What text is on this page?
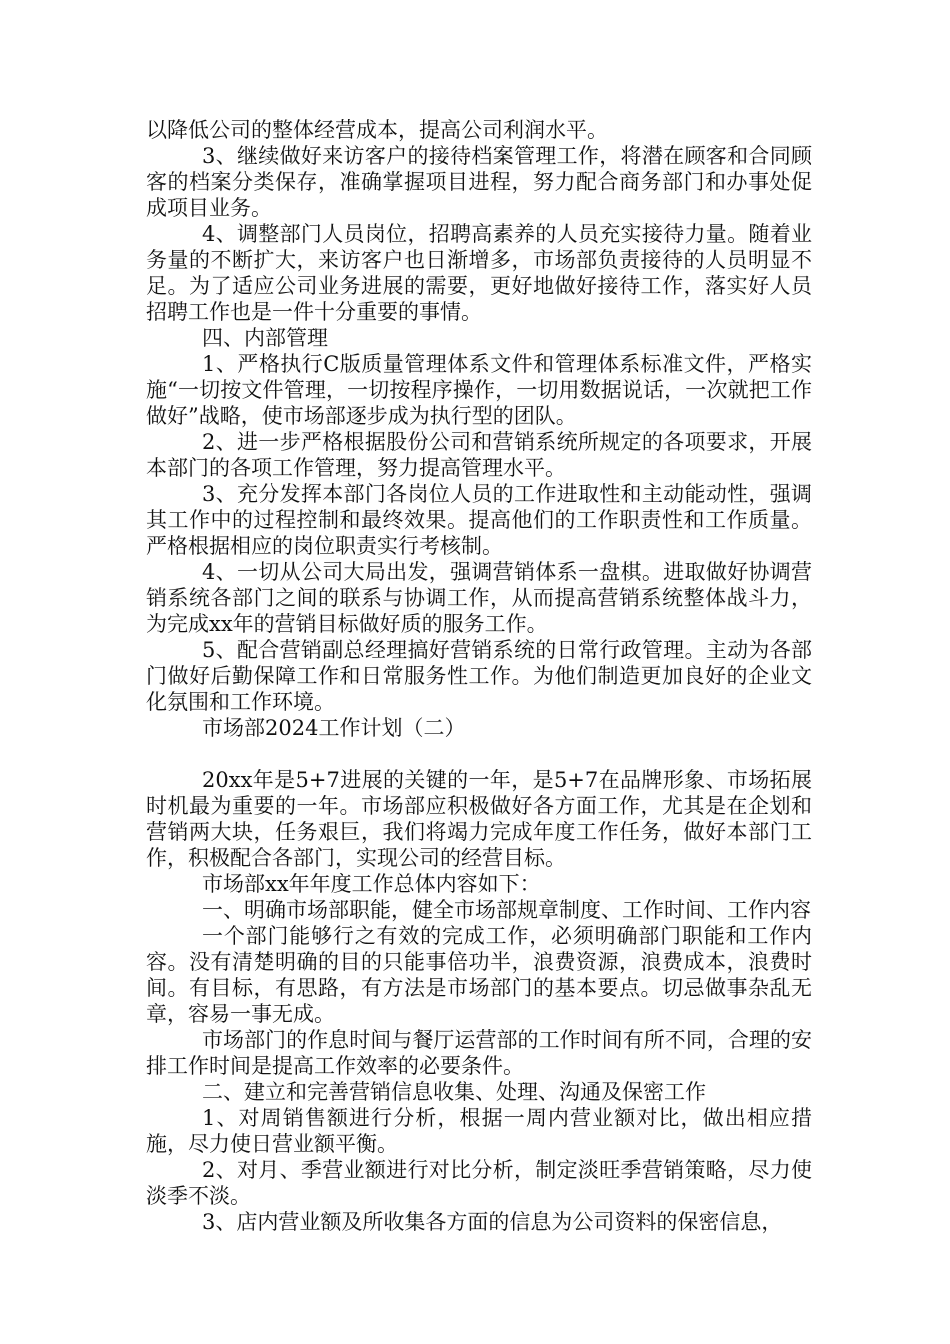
以降低公司的整体经营成本，提高公司利润水平。

3、继续做好来访客户的接待档案管理工作，将潜在顾客和合同顾客的档案分类保存，准确掌握项目进程，努力配合商务部门和办事处促成项目业务。

4、调整部门人员岗位，招聘高素养的人员充实接待力量。随着业务量的不断扩大，来访客户也日渐增多，市场部负责接待的人员明显不足。为了适应公司业务进展的需要，更好地做好接待工作，落实好人员招聘工作也是一件十分重要的事情。

四、内部管理

1、严格执行C版质量管理体系文件和管理体系标准文件，严格实施“一切按文件管理，一切按程序操作，一切用数据说话，一次就把工作做好”战略，使市场部逐步成为执行型的团队。

2、进一步严格根据股份公司和营销系统所规定的各项要求，开展本部门的各项工作管理，努力提高管理水平。

3、充分发挥本部门各岗位人员的工作进取性和主动能动性，强调其工作中的过程控制和最终效果。提高他们的工作职责性和工作质量。严格根据相应的岗位职责实行考核制。

4、一切从公司大局出发，强调营销体系一盘棋。进取做好协调营销系统各部门之间的联系与协调工作，从而提高营销系统整体战斗力，为完成xx年的营销目标做好质的服务工作。

5、配合营销副总经理搞好营销系统的日常行政管理。主动为各部门做好后勤保障工作和日常服务性工作。为他们制造更加良好的企业文化氛围和工作环境。

市场部2024工作计划（二）

20xx年是5+7进展的关键的一年，是5+7在品牌形象、市场拓展时机最为重要的一年。市场部应积极做好各方面工作，尤其是在企划和营销两大块，任务艰巨，我们将竭力完成年度工作任务，做好本部门工作，积极配合各部门，实现公司的经营目标。

市场部xx年年度工作总体内容如下：

一、明确市场部职能，健全市场部规章制度、工作时间、工作内容

一个部门能够行之有效的完成工作，必须明确部门职能和工作内容。没有清楚明确的目的只能事倍功半，浪费资源，浪费成本，浪费时间。有目标，有思路，有方法是市场部门的基本要点。切忌做事杂乱无章，容易一事无成。

市场部门的作息时间与餐厅运营部的工作时间有所不同，合理的安排工作时间是提高工作效率的必要条件。

二、建立和完善营销信息收集、处理、沟通及保密工作

1、对周销售额进行分析，根据一周内营业额对比，做出相应措施，尽力使日营业额平衡。

2、对月、季营业额进行对比分析，制定淡旺季营销策略，尽力使淡季不淡。

3、店内营业额及所收集各方面的信息为公司资料的保密信息，
